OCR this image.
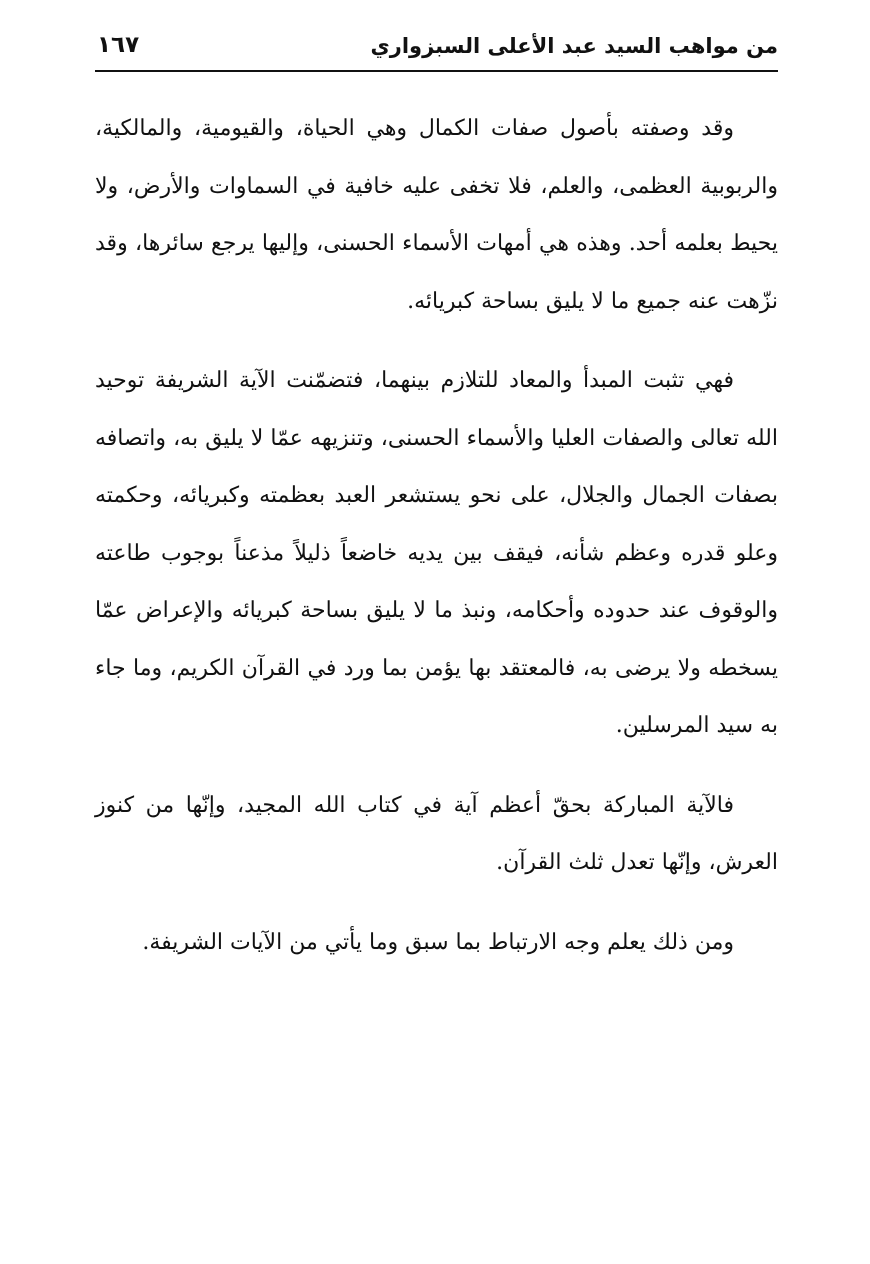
من مواهب السيد عبد الأعلى السبزواري
١٦٧

وقد وصفته بأصول صفات الكمال وهي الحياة، والقيومية، والمالكية، والربوبية العظمى، والعلم، فلا تخفى عليه خافية في السماوات والأرض، ولا يحيط بعلمه أحد. وهذه هي أمهات الأسماء الحسنى، وإليها يرجع سائرها، وقد نزّهت عنه جميع ما لا يليق بساحة كبريائه.

فهي تثبت المبدأ والمعاد للتلازم بينهما، فتضمّنت الآية الشريفة توحيد الله تعالى والصفات العليا والأسماء الحسنى، وتنزيهه عمّا لا يليق به، واتصافه بصفات الجمال والجلال، على نحو يستشعر العبد بعظمته وكبريائه، وحكمته وعلو قدره وعظم شأنه، فيقف بين يديه خاضعاً ذليلاً مذعناً بوجوب طاعته والوقوف عند حدوده وأحكامه، ونبذ ما لا يليق بساحة كبريائه والإعراض عمّا يسخطه ولا يرضى به، فالمعتقد بها يؤمن بما ورد في القرآن الكريم، وما جاء به سيد المرسلين.

فالآية المباركة بحقّ أعظم آية في كتاب الله المجيد، وإنّها من كنوز العرش، وإنّها تعدل ثلث القرآن.

ومن ذلك يعلم وجه الارتباط بما سبق وما يأتي من الآيات الشريفة.
